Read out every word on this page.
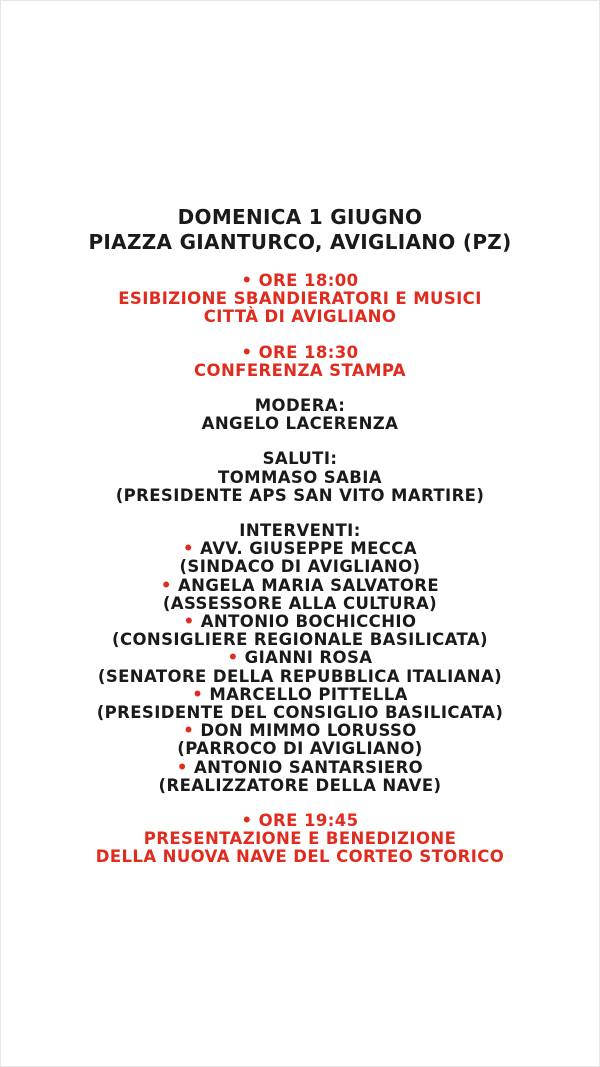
DOMENICA 1 GIUGNO
PIAZZA GIANTURCO, AVIGLIANO (PZ)
• ORE 18:00
ESIBIZIONE SBANDIERATORI E MUSICI
CITTÀ DI AVIGLIANO
• ORE 18:30
CONFERENZA STAMPA
MODERA:
ANGELO LACERENZA
SALUTI:
TOMMASO SABIA
(PRESIDENTE APS SAN VITO MARTIRE)
INTERVENTI:
• AVV. GIUSEPPE MECCA
(SINDACO DI AVIGLIANO)
• ANGELA MARIA SALVATORE
(ASSESSORE ALLA CULTURA)
• ANTONIO BOCHICCHIO
(CONSIGLIERE REGIONALE BASILICATA)
• GIANNI ROSA
(SENATORE DELLA REPUBBLICA ITALIANA)
• MARCELLO PITTELLA
(PRESIDENTE DEL CONSIGLIO BASILICATA)
• DON MIMMO LORUSSO
(PARROCO DI AVIGLIANO)
• ANTONIO SANTARSIERO
(REALIZZATORE DELLA NAVE)
• ORE 19:45
PRESENTAZIONE E BENEDIZIONE
DELLA NUOVA NAVE DEL CORTEO STORICO
